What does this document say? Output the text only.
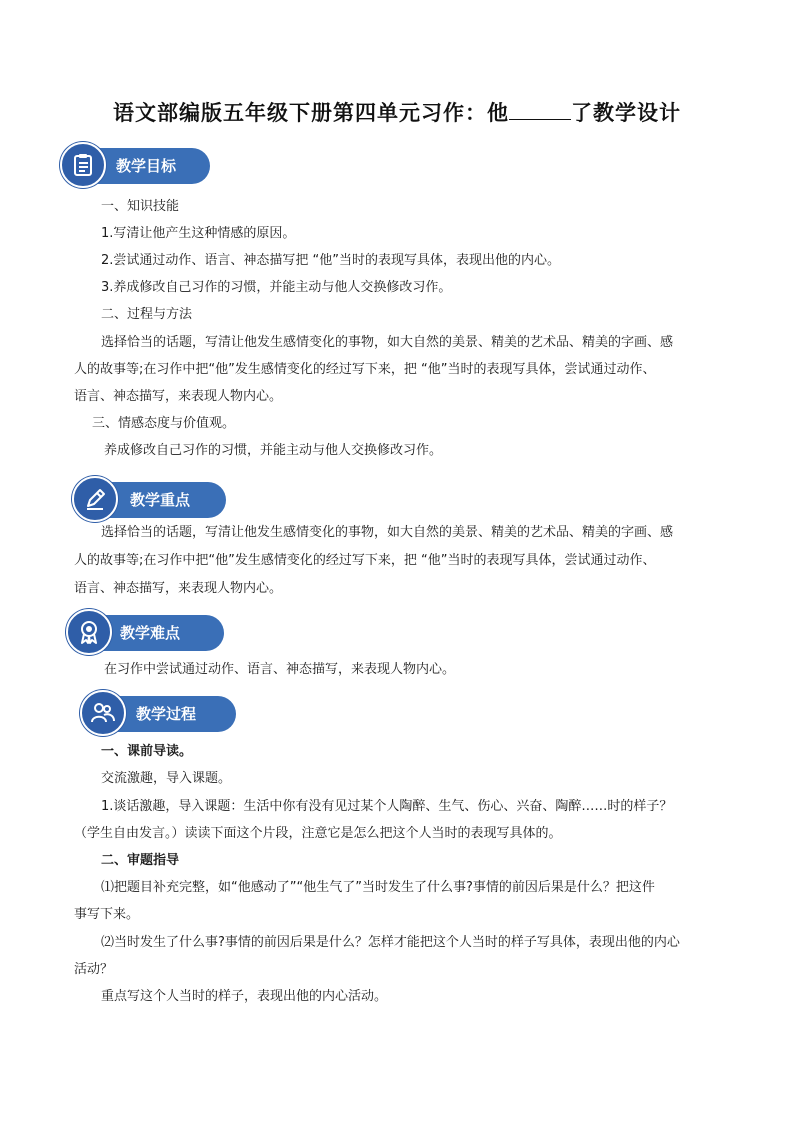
语文部编版五年级下册第四单元习作：他	了教学设计
教学目标

一、知识技能

1.写清让他产生这种情感的原因。

2.尝试通过动作、语言、神态描写把 “他”当时的表现写具体，表现出他的内心。

3.养成修改自己习作的习惯，并能主动与他人交换修改习作。

二、过程与方法

选择恰当的话题，写清让他发生感情变化的事物，如大自然的美景、精美的艺术品、精美的字画、感

人的故事等;在习作中把“他”发生感情变化的经过写下来，把 “他”当时的表现写具体，尝试通过动作、

语言、神态描写，来表现人物内心。

三、情感态度与价值观。

养成修改自己习作的习惯，并能主动与他人交换修改习作。

教学重点

选择恰当的话题，写清让他发生感情变化的事物，如大自然的美景、精美的艺术品、精美的字画、感

人的故事等;在习作中把“他”发生感情变化的经过写下来，把 “他”当时的表现写具体，尝试通过动作、

语言、神态描写，来表现人物内心。

教学难点

在习作中尝试通过动作、语言、神态描写，来表现人物内心。

教学过程

一、课前导读。

交流激趣，导入课题。

1.谈话激趣，导入课题：生活中你有没有见过某个人陶醉、生气、伤心、兴奋、陶醉……时的样子？

（学生自由发言。）读读下面这个片段，注意它是怎么把这个人当时的表现写具体的。

二、审题指导

⑴把题目补充完整，如“他感动了”“他生气了”当时发生了什么事?事情的前因后果是什么？把这件

事写下来。

⑵当时发生了什么事?事情的前因后果是什么？怎样才能把这个人当时的样子写具体，表现出他的内心

活动？

重点写这个人当时的样子，表现出他的内心活动。
